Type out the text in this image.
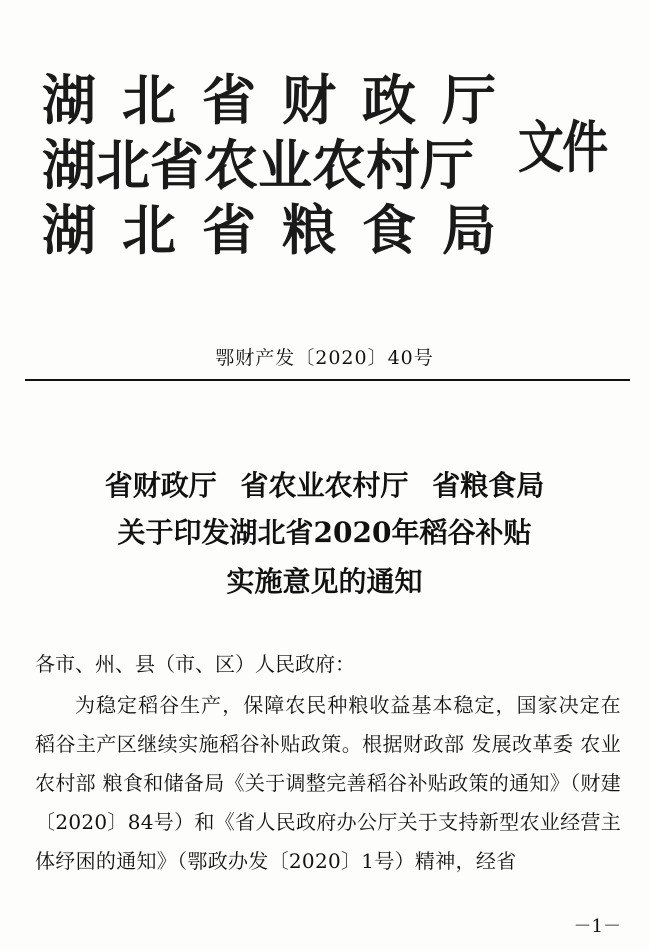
湖北省财政厅
湖北省农业农村厅
湖北省粮食局
文件
鄂财产发〔2020〕40号
省财政厅 省农业农村厅 省粮食局
关于印发湖北省2020年稻谷补贴
实施意见的通知
各市、州、县（市、区）人民政府：
为稳定稻谷生产，保障农民种粮收益基本稳定，国家决定在稻谷主产区继续实施稻谷补贴政策。根据财政部 发展改革委 农业农村部 粮食和储备局《关于调整完善稻谷补贴政策的通知》（财建〔2020〕84号）和《省人民政府办公厅关于支持新型农业经营主体纾困的通知》（鄂政办发〔2020〕1号）精神，经省
－1－
